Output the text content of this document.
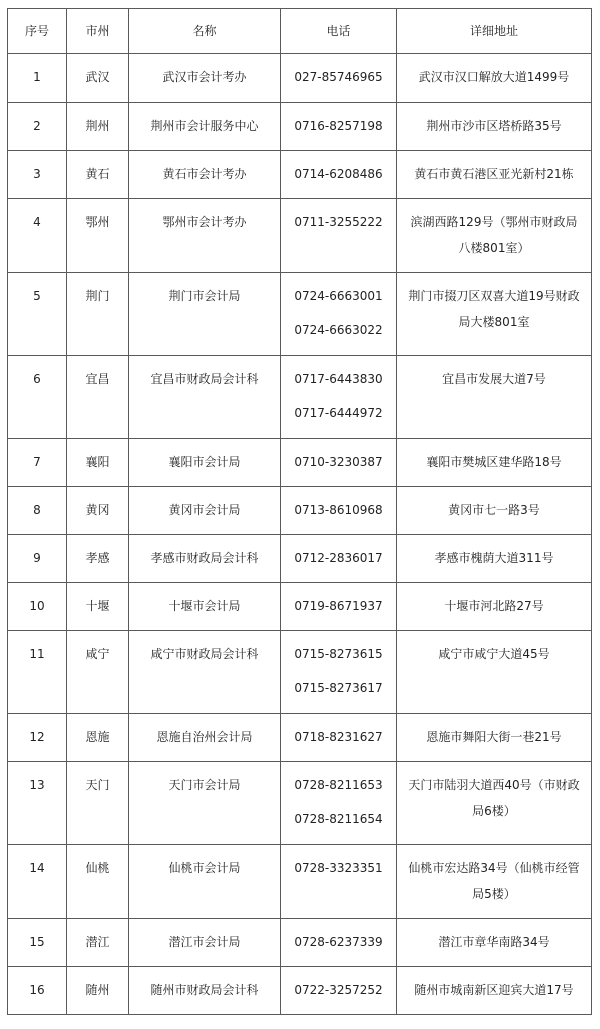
序号	市州	名称	电话	详细地址
1	武汉	武汉市会计考办	027-85746965	武汉市汉口解放大道1499号

2	荆州	荆州市会计服务中心	0716-8257198	荆州市沙市区塔桥路35号

3	黄石	黄石市会计考办	0714-6208486	黄石市黄石港区亚光新村21栋

4	鄂州	鄂州市会计考办	0711-3255222	滨湖西路129号（鄂州市财政局八楼801室）

5	荆门	荆门市会计局	0724-6663001
0724-6663022	荆门市掇刀区双喜大道19号财政局大楼801室

6	宜昌	宜昌市财政局会计科	0717-6443830
0717-6444972	宜昌市发展大道7号

7	襄阳	襄阳市会计局	0710-3230387	襄阳市樊城区建华路18号

8	黄冈	黄冈市会计局	0713-8610968	黄冈市七一路3号

9	孝感	孝感市财政局会计科	0712-2836017	孝感市槐荫大道311号

10	十堰	十堰市会计局	0719-8671937	十堰市河北路27号

11	咸宁	咸宁市财政局会计科	0715-8273615
0715-8273617	咸宁市咸宁大道45号

12	恩施	恩施自治州会计局	0718-8231627	恩施市舞阳大街一巷21号

13	天门	天门市会计局	0728-8211653
0728-8211654	天门市陆羽大道西40号（市财政局6楼）

14	仙桃	仙桃市会计局	0728-3323351	仙桃市宏达路34号（仙桃市经管局5楼）

15	潜江	潜江市会计局	0728-6237339	潜江市章华南路34号

16	随州	随州市财政局会计科	0722-3257252	随州市城南新区迎宾大道17号
